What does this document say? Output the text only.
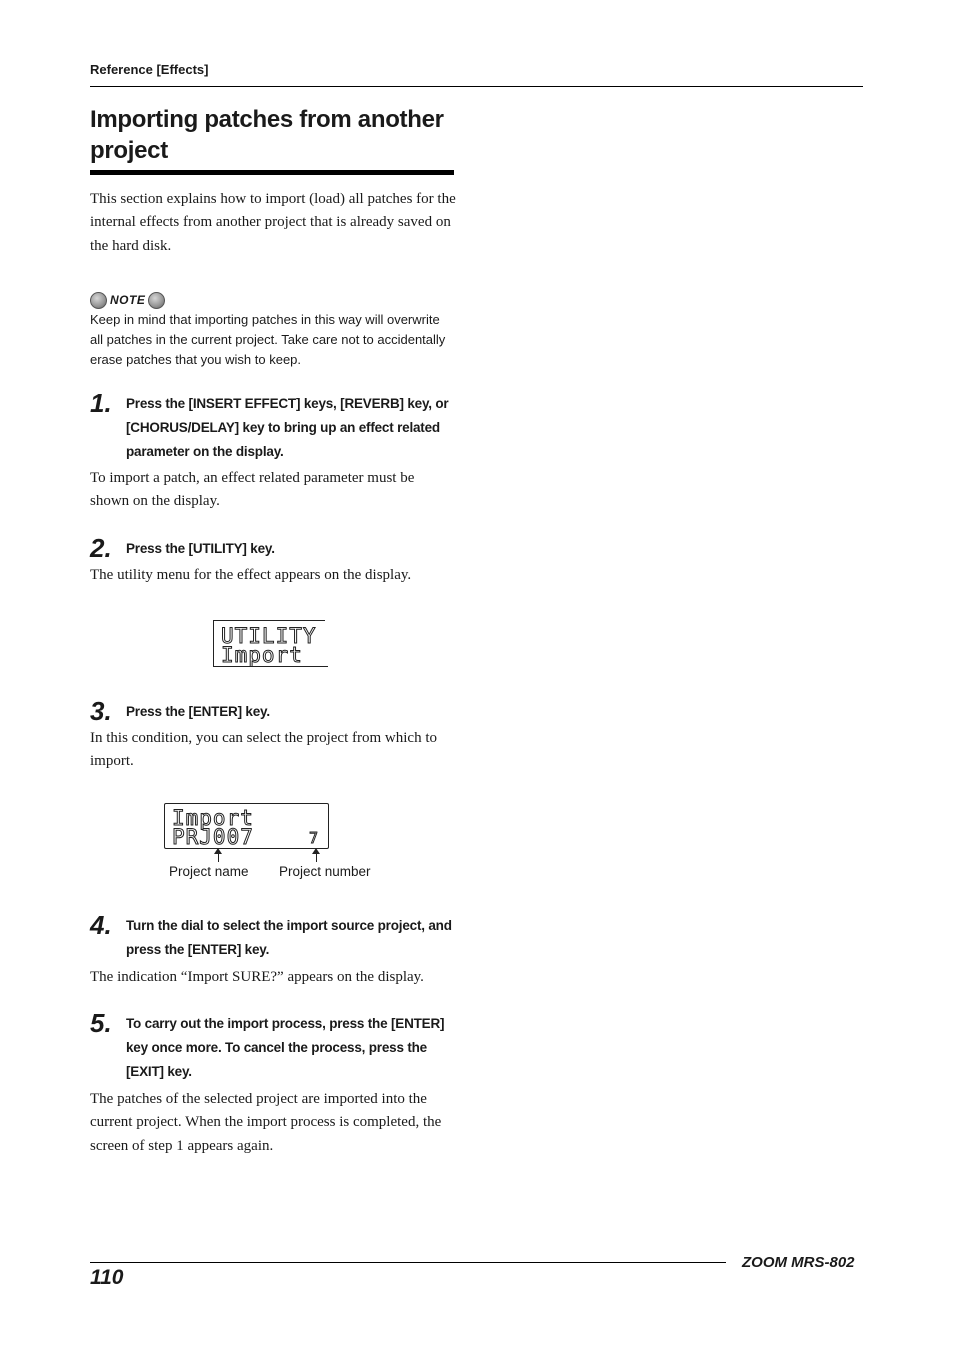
Reference [Effects]
Importing patches from another project
This section explains how to import (load) all patches for the internal effects from another project that is already saved on the hard disk.
NOTE
Keep in mind that importing patches in this way will overwrite all patches in the current project. Take care not to accidentally erase patches that you wish to keep.
1. Press the [INSERT EFFECT] keys, [REVERB] key, or [CHORUS/DELAY] key to bring up an effect related parameter on the display.
To import a patch, an effect related parameter must be shown on the display.
2. Press the [UTILITY] key.
The utility menu for the effect appears on the display.
UTILITY
Import
3. Press the [ENTER] key.
In this condition, you can select the project from which to import.
Import
PRJ007	7
Project name Project number
4. Turn the dial to select the import source project, and press the [ENTER] key.
The indication “Import SURE?” appears on the display.
5. To carry out the import process, press the [ENTER] key once more. To cancel the process, press the [EXIT] key.
The patches of the selected project are imported into the current project. When the import process is completed, the screen of step 1 appears again.
ZOOM MRS-802
110
